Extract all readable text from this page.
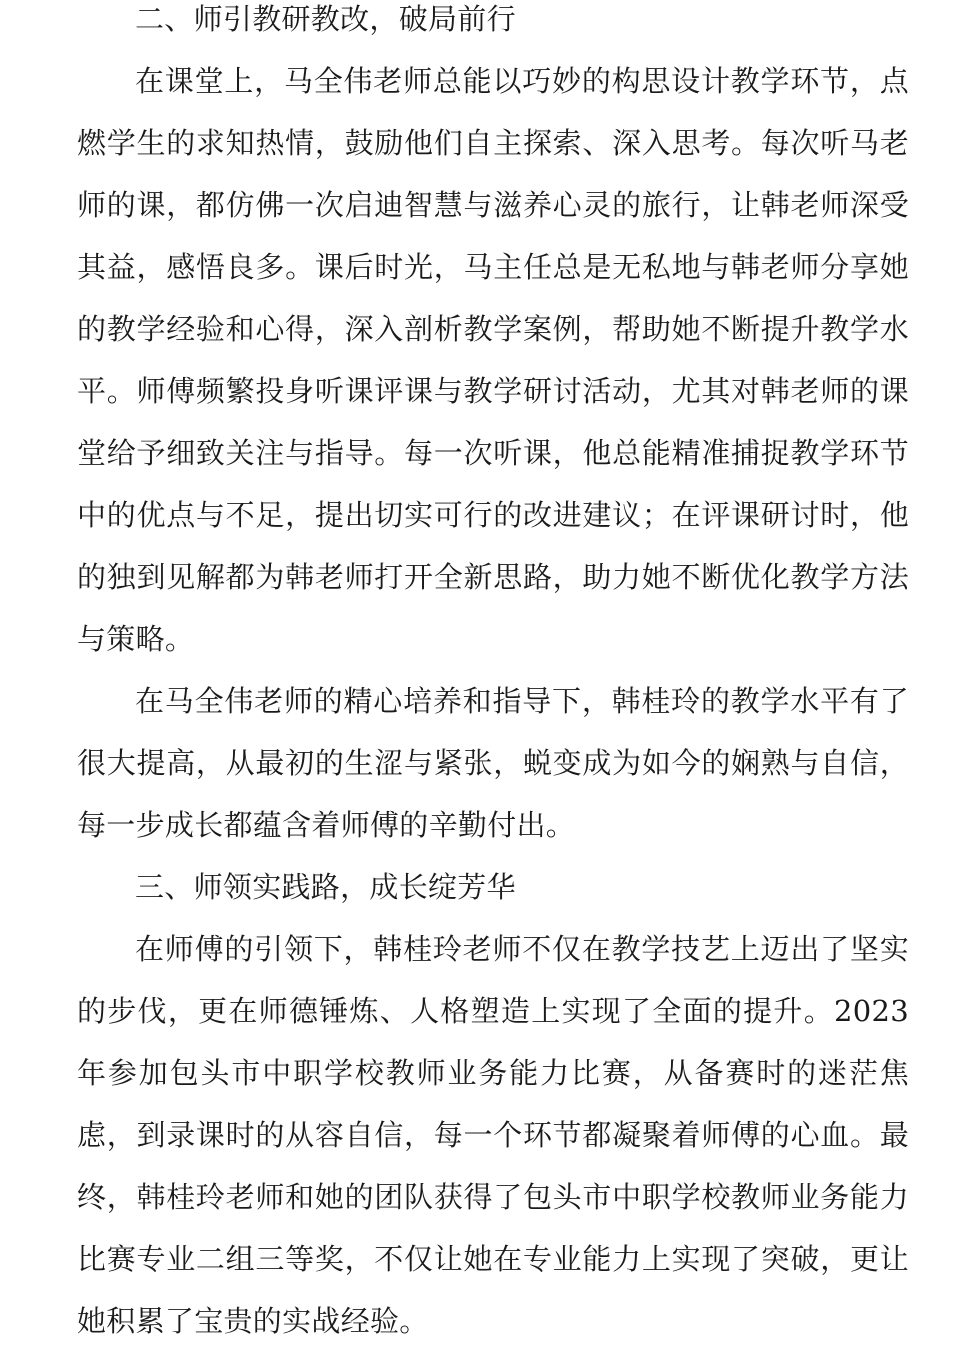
二、师引教研教改，破局前行

在课堂上，马全伟老师总能以巧妙的构思设计教学环节，点燃学生的求知热情，鼓励他们自主探索、深入思考。每次听马老师的课，都仿佛一次启迪智慧与滋养心灵的旅行，让韩老师深受其益，感悟良多。课后时光，马主任总是无私地与韩老师分享她的教学经验和心得，深入剖析教学案例，帮助她不断提升教学水平。师傅频繁投身听课评课与教学研讨活动，尤其对韩老师的课堂给予细致关注与指导。每一次听课，他总能精准捕捉教学环节中的优点与不足，提出切实可行的改进建议；在评课研讨时，他的独到见解都为韩老师打开全新思路，助力她不断优化教学方法与策略。

在马全伟老师的精心培养和指导下，韩桂玲的教学水平有了很大提高，从最初的生涩与紧张，蜕变成为如今的娴熟与自信，每一步成长都蕴含着师傅的辛勤付出。

三、师领实践路，成长绽芳华

在师傅的引领下，韩桂玲老师不仅在教学技艺上迈出了坚实的步伐，更在师德锤炼、人格塑造上实现了全面的提升。2023年参加包头市中职学校教师业务能力比赛，从备赛时的迷茫焦虑，到录课时的从容自信，每一个环节都凝聚着师傅的心血。最终，韩桂玲老师和她的团队获得了包头市中职学校教师业务能力比赛专业二组三等奖，不仅让她在专业能力上实现了突破，更让她积累了宝贵的实战经验。
